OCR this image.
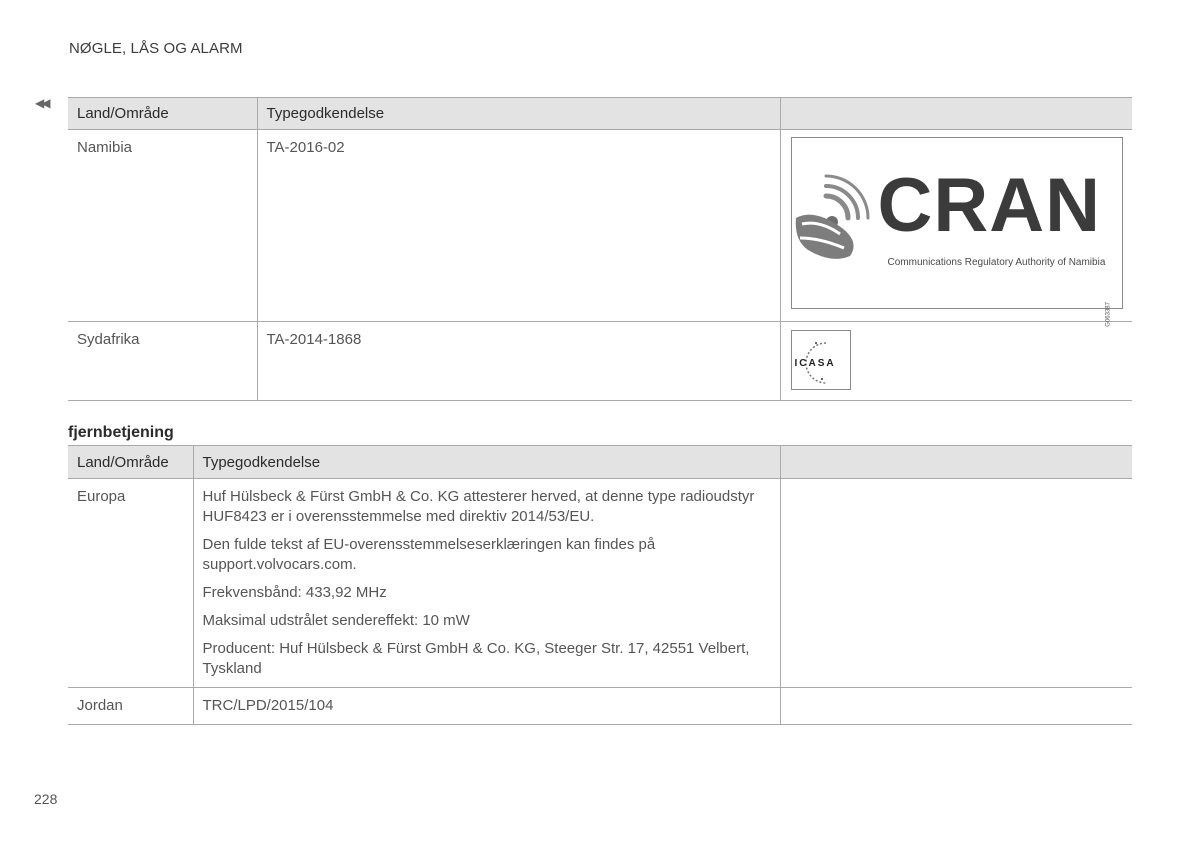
NØGLE, LÅS OG ALARM
◀◀
Land/Område	Typegodkendelse	
Namibia	TA-2016-02	CRAN
Communications Regulatory Authority of Namibia
G063387

Sydafrika	TA-2014-1868	ICASA
fjernbetjening
Land/Område	Typegodkendelse	
Europa	Huf Hülsbeck & Fürst GmbH & Co. KG attesterer herved, at denne type radioudstyr HUF8423 er i overensstemmelse med direktiv 2014/53/EU.

Den fulde tekst af EU-overensstemmelseserklæringen kan findes på support.volvocars.com.

Frekvensbånd: 433,92 MHz

Maksimal udstrålet sendereffekt: 10 mW

Producent: Huf Hülsbeck & Fürst GmbH & Co. KG, Steeger Str. 17, 42551 Velbert, Tyskland	

Jordan	TRC/LPD/2015/104	
228
